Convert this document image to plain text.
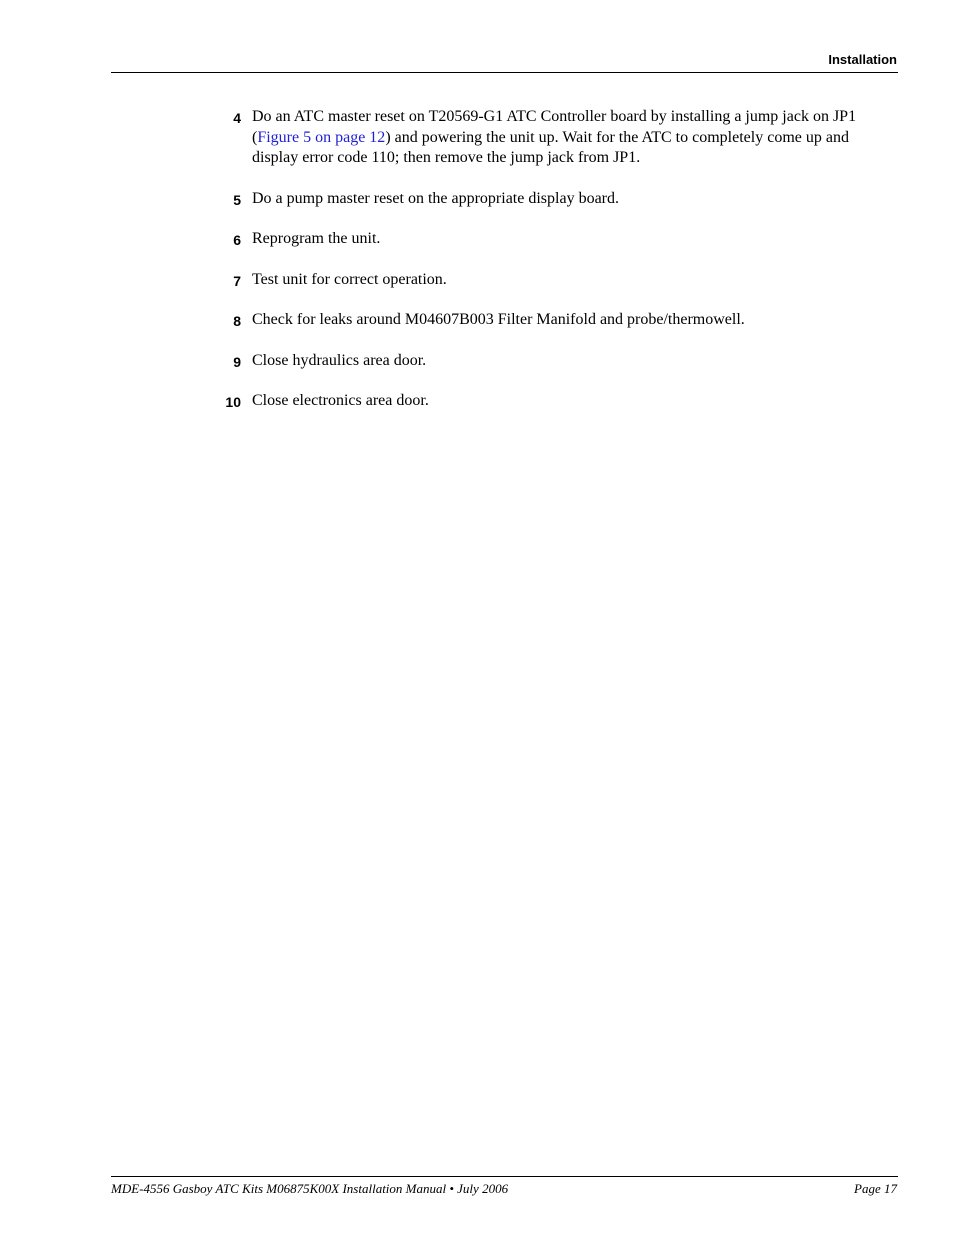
Installation

4 Do an ATC master reset on T20569-G1 ATC Controller board by installing a jump jack on JP1 (Figure 5 on page 12) and powering the unit up. Wait for the ATC to completely come up and display error code 110; then remove the jump jack from JP1.
5 Do a pump master reset on the appropriate display board.
6 Reprogram the unit.
7 Test unit for correct operation.
8 Check for leaks around M04607B003 Filter Manifold and probe/thermowell.
9 Close hydraulics area door.
10 Close electronics area door.
MDE-4556 Gasboy ATC Kits M06875K00X Installation Manual • July 2006	Page 17
